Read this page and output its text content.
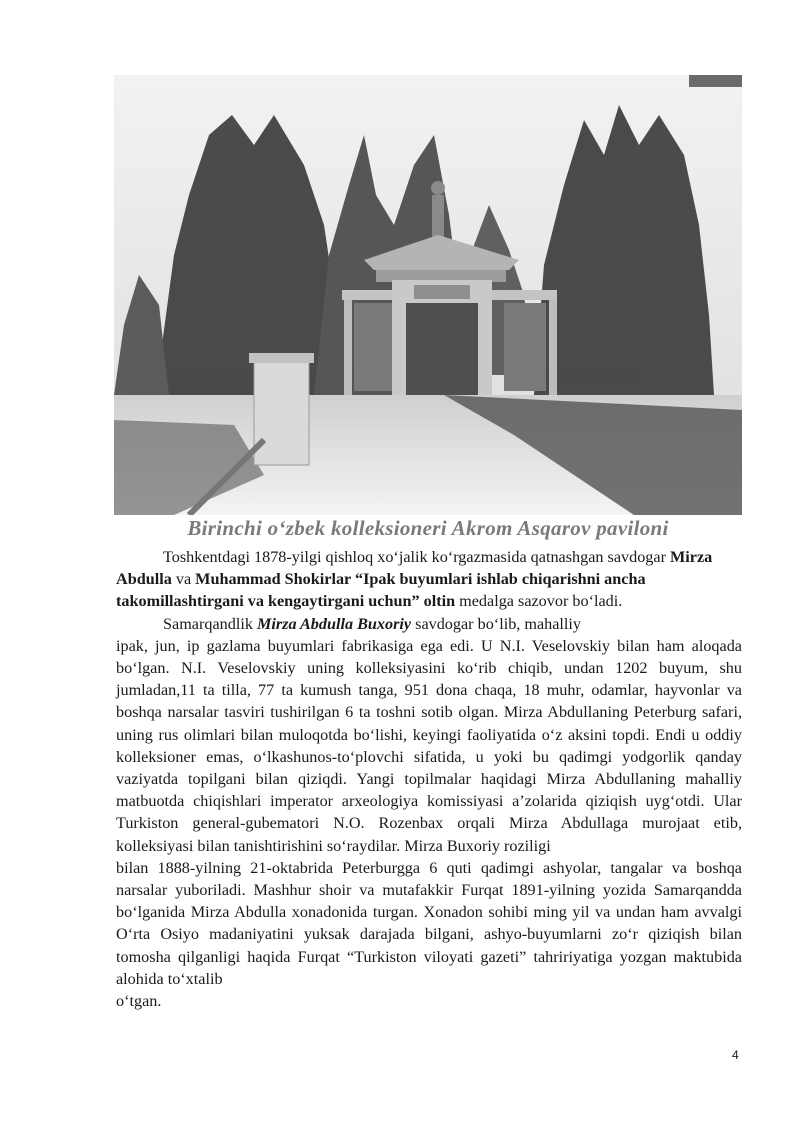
Birinchi o‘zbek kolleksioneri Akrom Asqarov paviloni

Toshkentdagi 1878-yilgi qishloq xo‘jalik ko‘rgazmasida qatnashgan savdogar Mirza Abdulla va Muhammad Shokirlar “Ipak buyumlari ishlab chiqarishni ancha takomillashtirgani va kengaytirgani uchun” oltin medalga sazovor bo‘ladi.

Samarqandlik Mirza Abdulla Buxoriy savdogar bo‘lib, mahalliy

ipak, jun, ip gazlama buyumlari fabrikasiga ega edi. U N.I. Veselovskiy bilan ham aloqada bo‘lgan. N.I. Veselovskiy uning kolleksiyasini ko‘rib chiqib, undan 1202 buyum, shu jumladan,11 ta tilla, 77 ta kumush tanga, 951 dona chaqa, 18 muhr, odamlar, hayvonlar va boshqa narsalar tasviri tushirilgan 6 ta toshni sotib olgan. Mirza Abdullaning Peterburg safari, uning rus olimlari bilan muloqotda bo‘lishi, keyingi faoliyatida o‘z aksini topdi. Endi u oddiy kolleksioner emas, o‘lkashunos-to‘plovchi sifatida, u yoki bu qadimgi yodgorlik qanday vaziyatda topilgani bilan qiziqdi. Yangi topilmalar haqidagi Mirza Abdullaning mahalliy matbuotda chiqishlari imperator arxeologiya komissiyasi a’zolarida qiziqish uyg‘otdi. Ular Turkiston general-gubematori N.O. Rozenbax orqali Mirza Abdullaga murojaat etib, kolleksiyasi bilan tanishtirishini so‘raydilar. Mirza Buxoriy roziligi

bilan 1888-yilning 21-oktabrida Peterburgga 6 quti qadimgi ashyolar, tangalar va boshqa narsalar yuboriladi. Mashhur shoir va mutafakkir Furqat 1891-yilning yozida Samarqandda bo‘lganida Mirza Abdulla xonadonida turgan. Xonadon sohibi ming yil va undan ham avvalgi O‘rta Osiyo madaniyatini yuksak darajada bilgani, ashyo-buyumlarni zo‘r qiziqish bilan tomosha qilganligi haqida Furqat “Turkiston viloyati gazeti” tahririyatiga yozgan maktubida alohida to‘xtalib

o‘tgan.

4
